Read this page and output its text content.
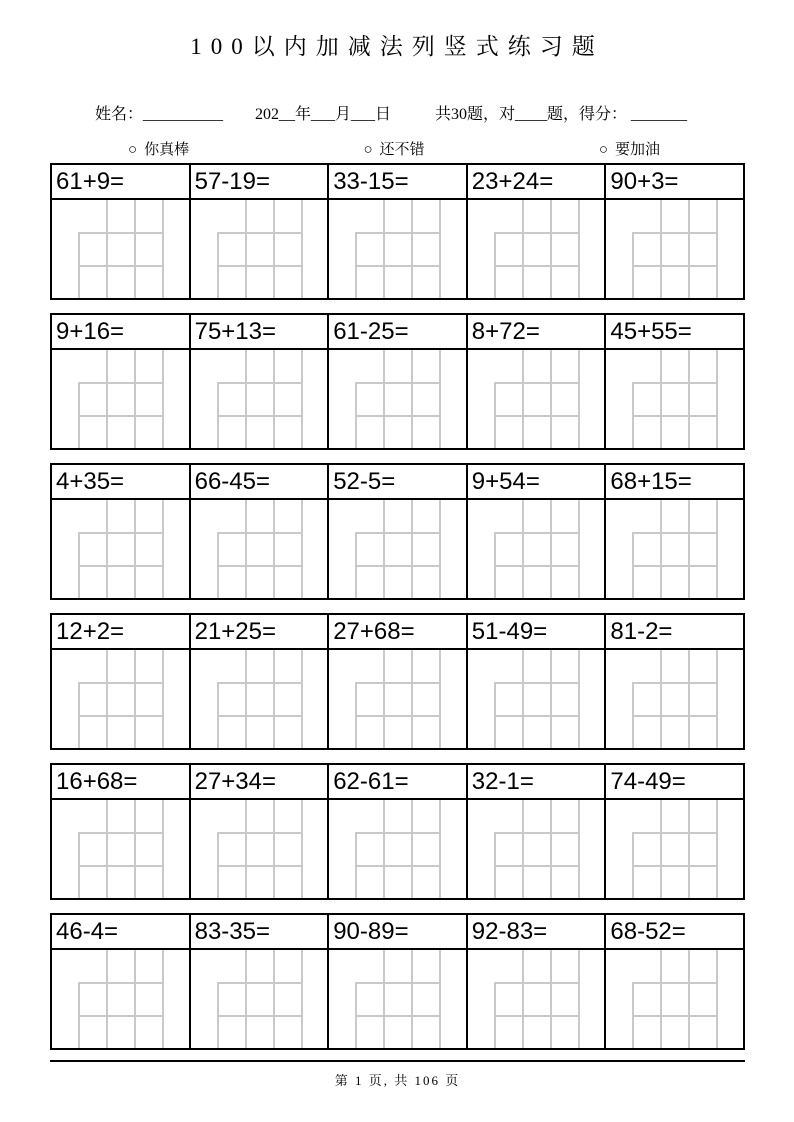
100以内加减法列竖式练习题
姓名：__________ 202__年___月___日	共30题，对____题，得分： _______
○ 你真棒	○ 还不错	○ 要加油
61+9=	57-19=	33-15=	23+24=	90+3=
9+16=	75+13=	61-25=	8+72=	45+55=
4+35=	66-45=	52-5=	9+54=	68+15=
12+2=	21+25=	27+68=	51-49=	81-2=
16+68=	27+34=	62-61=	32-1=	74-49=
46-4=	83-35=	90-89=	92-83=	68-52=
第 1 页, 共 106 页
